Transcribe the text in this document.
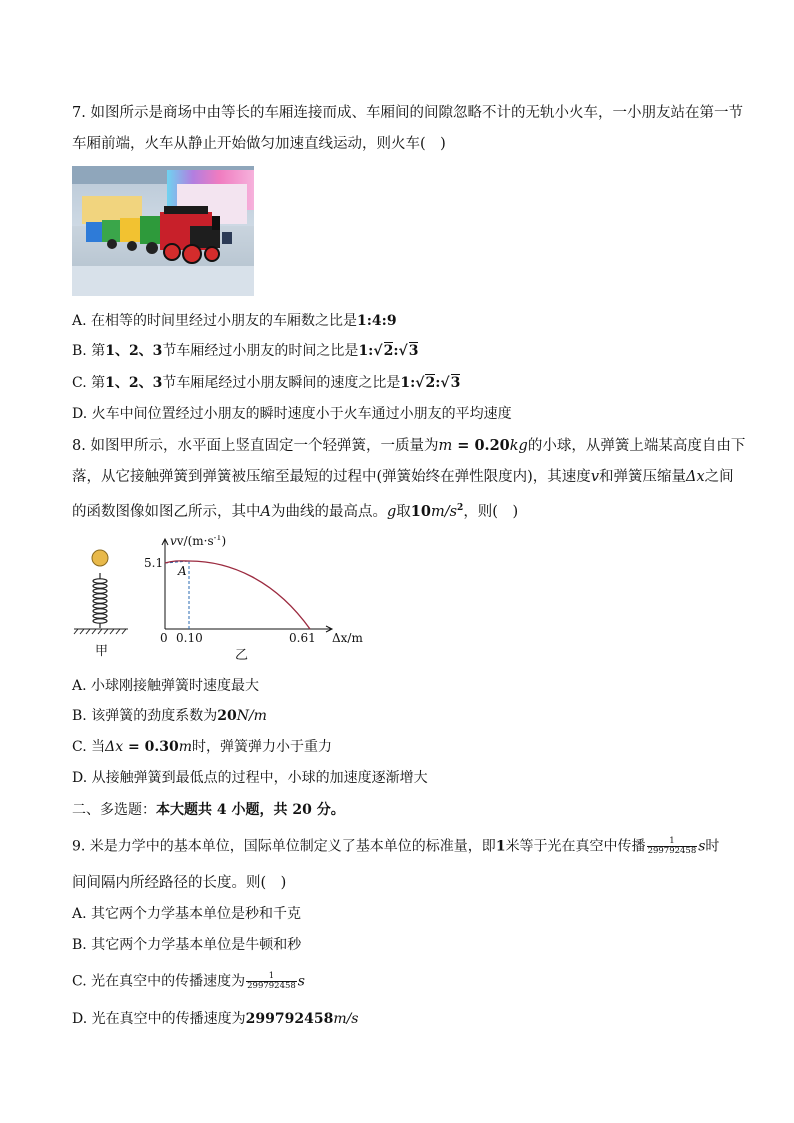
7. 如图所示是商场中由等长的车厢连接而成、车厢间的间隙忽略不计的无轨小火车，一小朋友站在第一节
车厢前端，火车从静止开始做匀加速直线运动，则火车(　)
A. 在相等的时间里经过小朋友的车厢数之比是1:4:9
B. 第1、2、3节车厢经过小朋友的时间之比是1:√2:√3
C. 第1、2、3节车厢尾经过小朋友瞬间的速度之比是1:√2:√3
D. 火车中间位置经过小朋友的瞬时速度小于火车通过小朋友的平均速度
8. 如图甲所示，水平面上竖直固定一个轻弹簧，一质量为m = 0.20kg的小球，从弹簧上端某高度自由下
落，从它接触弹簧到弹簧被压缩至最短的过程中(弹簧始终在弹性限度内)，其速度v和弹簧压缩量Δx之间
的函数图像如图乙所示，其中A为曲线的最高点。g取$10m/s^2$，则(　)
甲
$vv/(m\cdot s^{-1})$
5.1
A
0 0.10	0.61 Δx/m
乙
A. 小球刚接触弹簧时速度最大
B. 该弹簧的劲度系数为20N/m
C. 当Δx = 0.30m时，弹簧弹力小于重力
D. 从接触弹簧到最低点的过程中，小球的加速度逐渐增大
二、多选题：本大题共 4 小题，共 20 分。
9. 米是力学中的基本单位，国际单位制定义了基本单位的标准量，即1米等于光在真空中传播 $\frac{1}{299792458}$ s时
间间隔内所经路径的长度。则(　)
A. 其它两个力学基本单位是秒和千克
B. 其它两个力学基本单位是牛顿和秒
C. 光在真空中的传播速度为 $\frac{1}{299792458}$ s
D. 光在真空中的传播速度为299792458m/s
